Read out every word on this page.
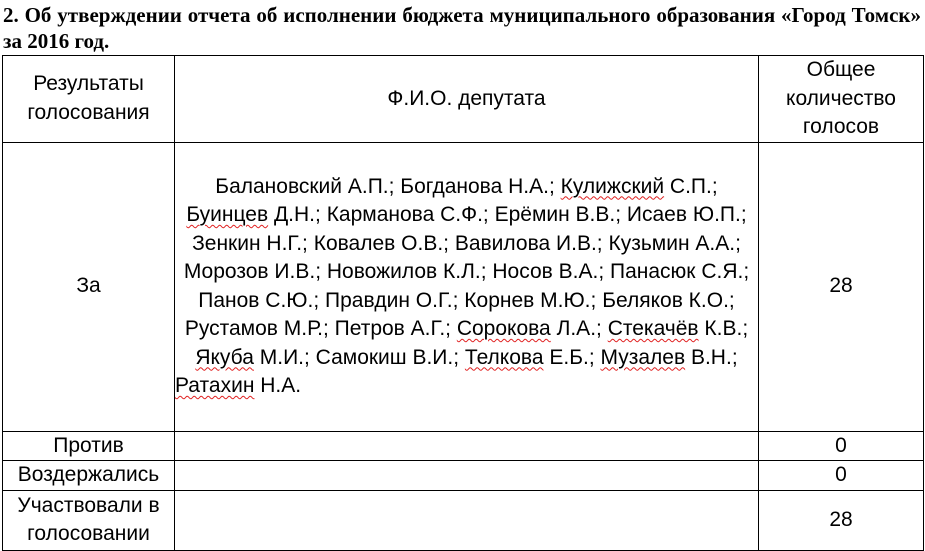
2. Об утверждении отчета об исполнении бюджета муниципального образования «Город Томск» за 2016 год.
Результаты голосования	Ф.И.О. депутата	Общее количество голосов
За	Балановский А.П.; Богданова Н.А.; Кулижский С.П.; Буинцев Д.Н.; Карманова С.Ф.; Ерёмин В.В.; Исаев Ю.П.; Зенкин Н.Г.; Ковалев О.В.; Вавилова И.В.; Кузьмин А.А.; Морозов И.В.; Новожилов К.Л.; Носов В.А.; Панасюк С.Я.; Панов С.Ю.; Правдин О.Г.; Корнев М.Ю.; Беляков К.О.; Рустамов М.Р.; Петров А.Г.; Сорокова Л.А.; Стекачёв К.В.; Якуба М.И.; Самокиш В.И.; Телкова Е.Б.; Музалев В.Н.; Ратахин Н.А.	28
Против		0
Воздержались		0
Участвовали в голосовании		28
